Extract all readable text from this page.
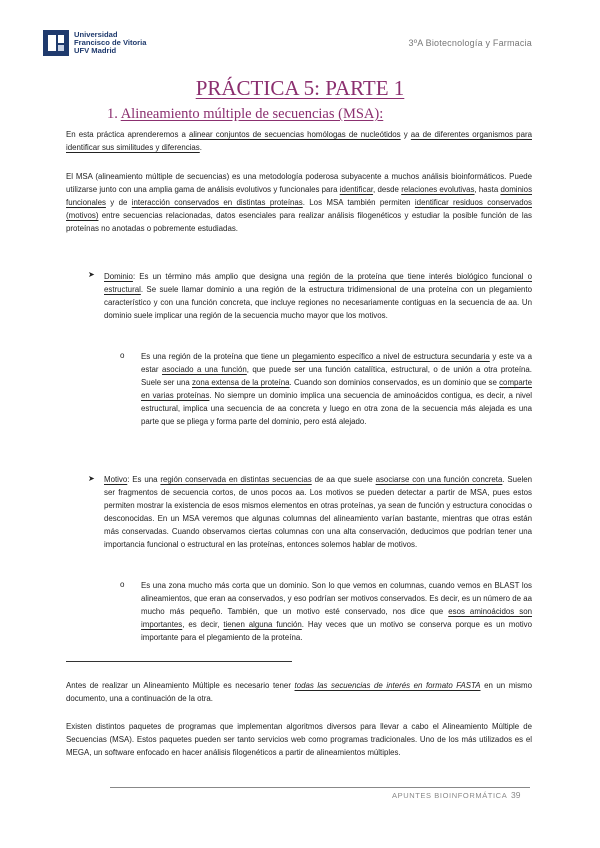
Universidad
Francisco de Vitoria
UFV Madrid
3ºA Biotecnología y Farmacia
PRÁCTICA 5: PARTE 1
1. Alineamiento múltiple de secuencias (MSA):
En esta práctica aprenderemos a alinear conjuntos de secuencias homólogas de nucleótidos y aa de diferentes organismos para identificar sus similitudes y diferencias.
El MSA (alineamiento múltiple de secuencias) es una metodología poderosa subyacente a muchos análisis bioinformáticos. Puede utilizarse junto con una amplia gama de análisis evolutivos y funcionales para identificar, desde relaciones evolutivas, hasta dominios funcionales y de interacción conservados en distintas proteínas. Los MSA también permiten identificar residuos conservados (motivos) entre secuencias relacionadas, datos esenciales para realizar análisis filogenéticos y estudiar la posible función de las proteínas no anotadas o pobremente estudiadas.
➤ Dominio: Es un término más amplio que designa una región de la proteína que tiene interés biológico funcional o estructural. Se suele llamar dominio a una región de la estructura tridimensional de una proteína con un plegamiento característico y con una función concreta, que incluye regiones no necesariamente contiguas en la secuencia de aa. Un dominio suele implicar una región de la secuencia mucho mayor que los motivos.
o Es una región de la proteína que tiene un plegamiento específico a nivel de estructura secundaria y este va a estar asociado a una función, que puede ser una función catalítica, estructural, o de unión a otra proteína. Suele ser una zona extensa de la proteína. Cuando son dominios conservados, es un dominio que se comparte en varias proteínas. No siempre un dominio implica una secuencia de aminoácidos contigua, es decir, a nivel estructural, implica una secuencia de aa concreta y luego en otra zona de la secuencia más alejada es una parte que se pliega y forma parte del dominio, pero está alejado.
➤ Motivo: Es una región conservada en distintas secuencias de aa que suele asociarse con una función concreta. Suelen ser fragmentos de secuencia cortos, de unos pocos aa. Los motivos se pueden detectar a partir de MSA, pues estos permiten mostrar la existencia de esos mismos elementos en otras proteínas, ya sean de función y estructura conocidas o desconocidas. En un MSA veremos que algunas columnas del alineamiento varían bastante, mientras que otras están más conservadas. Cuando observamos ciertas columnas con una alta conservación, deducimos que podrían tener una importancia funcional o estructural en las proteínas, entonces solemos hablar de motivos.
o Es una zona mucho más corta que un dominio. Son lo que vemos en columnas, cuando vemos en BLAST los alineamientos, que eran aa conservados, y eso podrían ser motivos conservados. Es decir, es un número de aa mucho más pequeño. También, que un motivo esté conservado, nos dice que esos aminoácidos son importantes, es decir, tienen alguna función. Hay veces que un motivo se conserva porque es un motivo importante para el plegamiento de la proteína.
Antes de realizar un Alineamiento Múltiple es necesario tener todas las secuencias de interés en formato FASTA en un mismo documento, una a continuación de la otra.
Existen distintos paquetes de programas que implementan algoritmos diversos para llevar a cabo el Alineamiento Múltiple de Secuencias (MSA). Estos paquetes pueden ser tanto servicios web como programas tradicionales. Uno de los más utilizados es el MEGA, un software enfocado en hacer análisis filogenéticos a partir de alineamientos múltiples.
APUNTES BIOINFORMÁTICA 39
